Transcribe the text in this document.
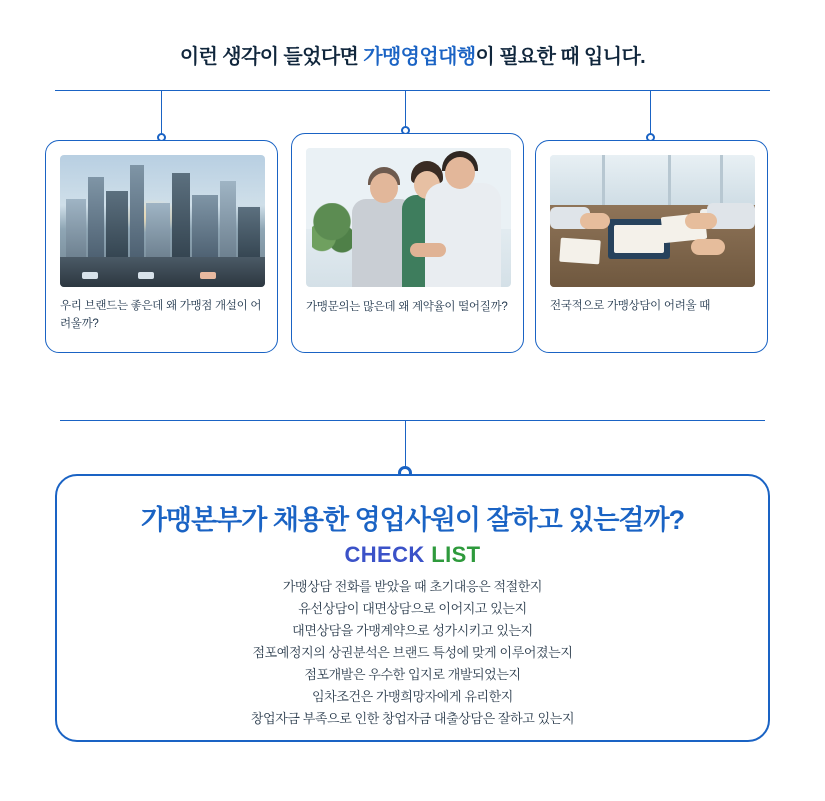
이런 생각이 들었다면 가맹영업대행이 필요한 때 입니다.
우리 브랜드는 좋은데 왜 가맹점 개설이 어려울까?
가맹문의는 많은데 왜 계약율이 떨어질까?	전국적으로 가맹상담이 어려울 때
가맹본부가 채용한 영업사원이 잘하고 있는걸까?
CHECK LIST
가맹상담 전화를 받았을 때 초기대응은 적절한지
유선상담이 대면상담으로 이어지고 있는지
대면상담을 가맹계약으로 성가시키고 있는지
점포예정지의 상권분석은 브랜드 특성에 맞게 이루어졌는지
점포개발은 우수한 입지로 개발되었는지
임차조건은 가맹희망자에게 유리한지
창업자금 부족으로 인한 창업자금 대출상담은 잘하고 있는지
